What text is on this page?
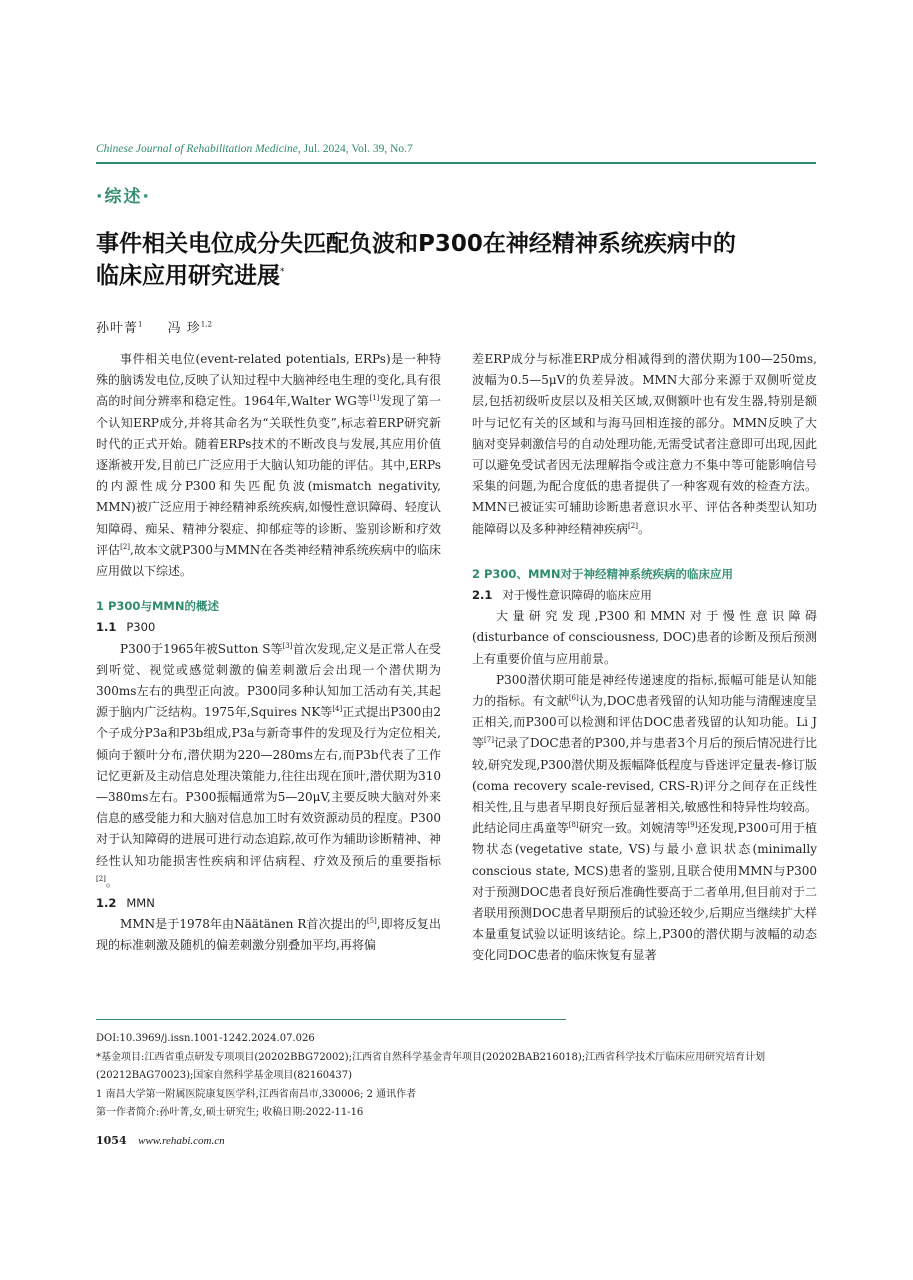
Chinese Journal of Rehabilitation Medicine, Jul. 2024, Vol. 39, No.7
·综述·
事件相关电位成分失匹配负波和P300在神经精神系统疾病中的
临床应用研究进展*
孙叶菁$^1$ 冯 珍$^{1,2}$

事件相关电位(event-related potentials, ERPs)是一种特殊的脑诱发电位,反映了认知过程中大脑神经电生理的变化,具有很高的时间分辨率和稳定性。1964年,Walter WG等[1]发现了第一个认知ERP成分,并将其命名为“关联性负变”,标志着ERP研究新时代的正式开始。随着ERPs技术的不断改良与发展,其应用价值逐渐被开发,目前已广泛应用于大脑认知功能的评估。其中,ERPs的内源性成分P300和失匹配负波(mismatch negativity, MMN)被广泛应用于神经精神系统疾病,如慢性意识障碍、轻度认知障碍、痴呆、精神分裂症、抑郁症等的诊断、鉴别诊断和疗效评估[2],故本文就P300与MMN在各类神经精神系统疾病中的临床应用做以下综述。

1 P300与MMN的概述
1.1 P300

P300于1965年被Sutton S等[3]首次发现,定义是正常人在受到听觉、视觉或感觉刺激的偏差刺激后会出现一个潜伏期为300ms左右的典型正向波。P300同多种认知加工活动有关,其起源于脑内广泛结构。1975年,Squires NK等[4]正式提出P300由2个子成分P3a和P3b组成,P3a与新奇事件的发现及行为定位相关,倾向于额叶分布,潜伏期为220—280ms左右,而P3b代表了工作记忆更新及主动信息处理决策能力,往往出现在顶叶,潜伏期为310—380ms左右。P300振幅通常为5—20μV,主要反映大脑对外来信息的感受能力和大脑对信息加工时有效资源动员的程度。P300对于认知障碍的进展可进行动态追踪,故可作为辅助诊断精神、神经性认知功能损害性疾病和评估病程、疗效及预后的重要指标[2]。

1.2 MMN

MMN是于1978年由Näätänen R首次提出的[5],即将反复出现的标准刺激及随机的偏差刺激分别叠加平均,再将偏

差ERP成分与标准ERP成分相减得到的潜伏期为100—250ms,波幅为0.5—5μV的负差异波。MMN大部分来源于双侧听觉皮层,包括初级听皮层以及相关区域,双侧额叶也有发生器,特别是额叶与记忆有关的区域和与海马回相连接的部分。MMN反映了大脑对变异刺激信号的自动处理功能,无需受试者注意即可出现,因此可以避免受试者因无法理解指令或注意力不集中等可能影响信号采集的问题,为配合度低的患者提供了一种客观有效的检查方法。MMN已被证实可辅助诊断患者意识水平、评估各种类型认知功能障碍以及多种神经精神疾病[2]。

2 P300、MMN对于神经精神系统疾病的临床应用
2.1 对于慢性意识障碍的临床应用

大量研究发现,P300和MMN对于慢性意识障碍(disturbance of consciousness, DOC)患者的诊断及预后预测上有重要价值与应用前景。

P300潜伏期可能是神经传递速度的指标,振幅可能是认知能力的指标。有文献[6]认为,DOC患者残留的认知功能与清醒速度呈正相关,而P300可以检测和评估DOC患者残留的认知功能。Li J等[7]记录了DOC患者的P300,并与患者3个月后的预后情况进行比较,研究发现,P300潜伏期及振幅降低程度与昏迷评定量表-修订版(coma recovery scale-revised, CRS-R)评分之间存在正线性相关性,且与患者早期良好预后显著相关,敏感性和特异性均较高。此结论同庄禹童等[8]研究一致。刘婉清等[9]还发现,P300可用于植物状态(vegetative state, VS)与最小意识状态(minimally conscious state, MCS)患者的鉴别,且联合使用MMN与P300对于预测DOC患者良好预后准确性要高于二者单用,但目前对于二者联用预测DOC患者早期预后的试验还较少,后期应当继续扩大样本量重复试验以证明该结论。综上,P300的潜伏期与波幅的动态变化同DOC患者的临床恢复有显著

DOI:10.3969/j.issn.1001-1242.2024.07.026
*基金项目:江西省重点研发专项项目(20202BBG72002);江西省自然科学基金青年项目(20202BAB216018);江西省科学技术厅临床应用研究培育计划(20212BAG70023);国家自然科学基金项目(82160437)
1 南昌大学第一附属医院康复医学科,江西省南昌市,330006; 2 通讯作者
第一作者简介:孙叶菁,女,硕士研究生; 收稿日期:2022-11-16
1054 www.rehabi.com.cn
